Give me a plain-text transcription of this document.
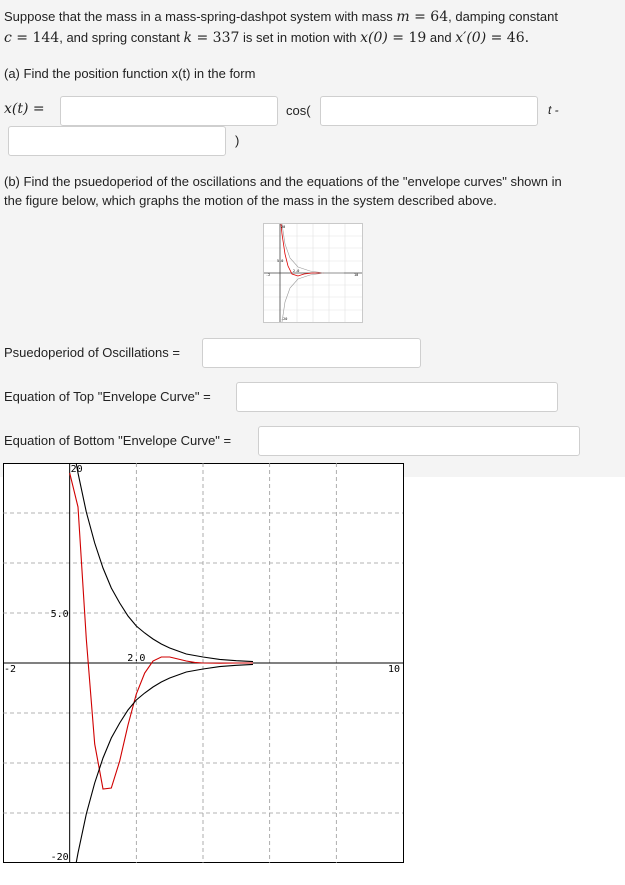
Suppose that the mass in a mass-spring-dashpot system with mass m = 64, damping constant
c = 144, and spring constant k = 337 is set in motion with x(0) = 19 and x′(0) = 46.
(a) Find the position function x(t) in the form
x(t) =	cos(	t -
)
(b) Find the psuedoperiod of the oscillations and the equations of the "envelope curves" shown in
the figure below, which graphs the motion of the mass in the system described above.
-2	10
20
-20
5.0
2.0
Psuedoperiod of Oscillations =
Equation of Top "Envelope Curve" =
Equation of Bottom "Envelope Curve" =
-2	10
20
-20
5.0
2.0
